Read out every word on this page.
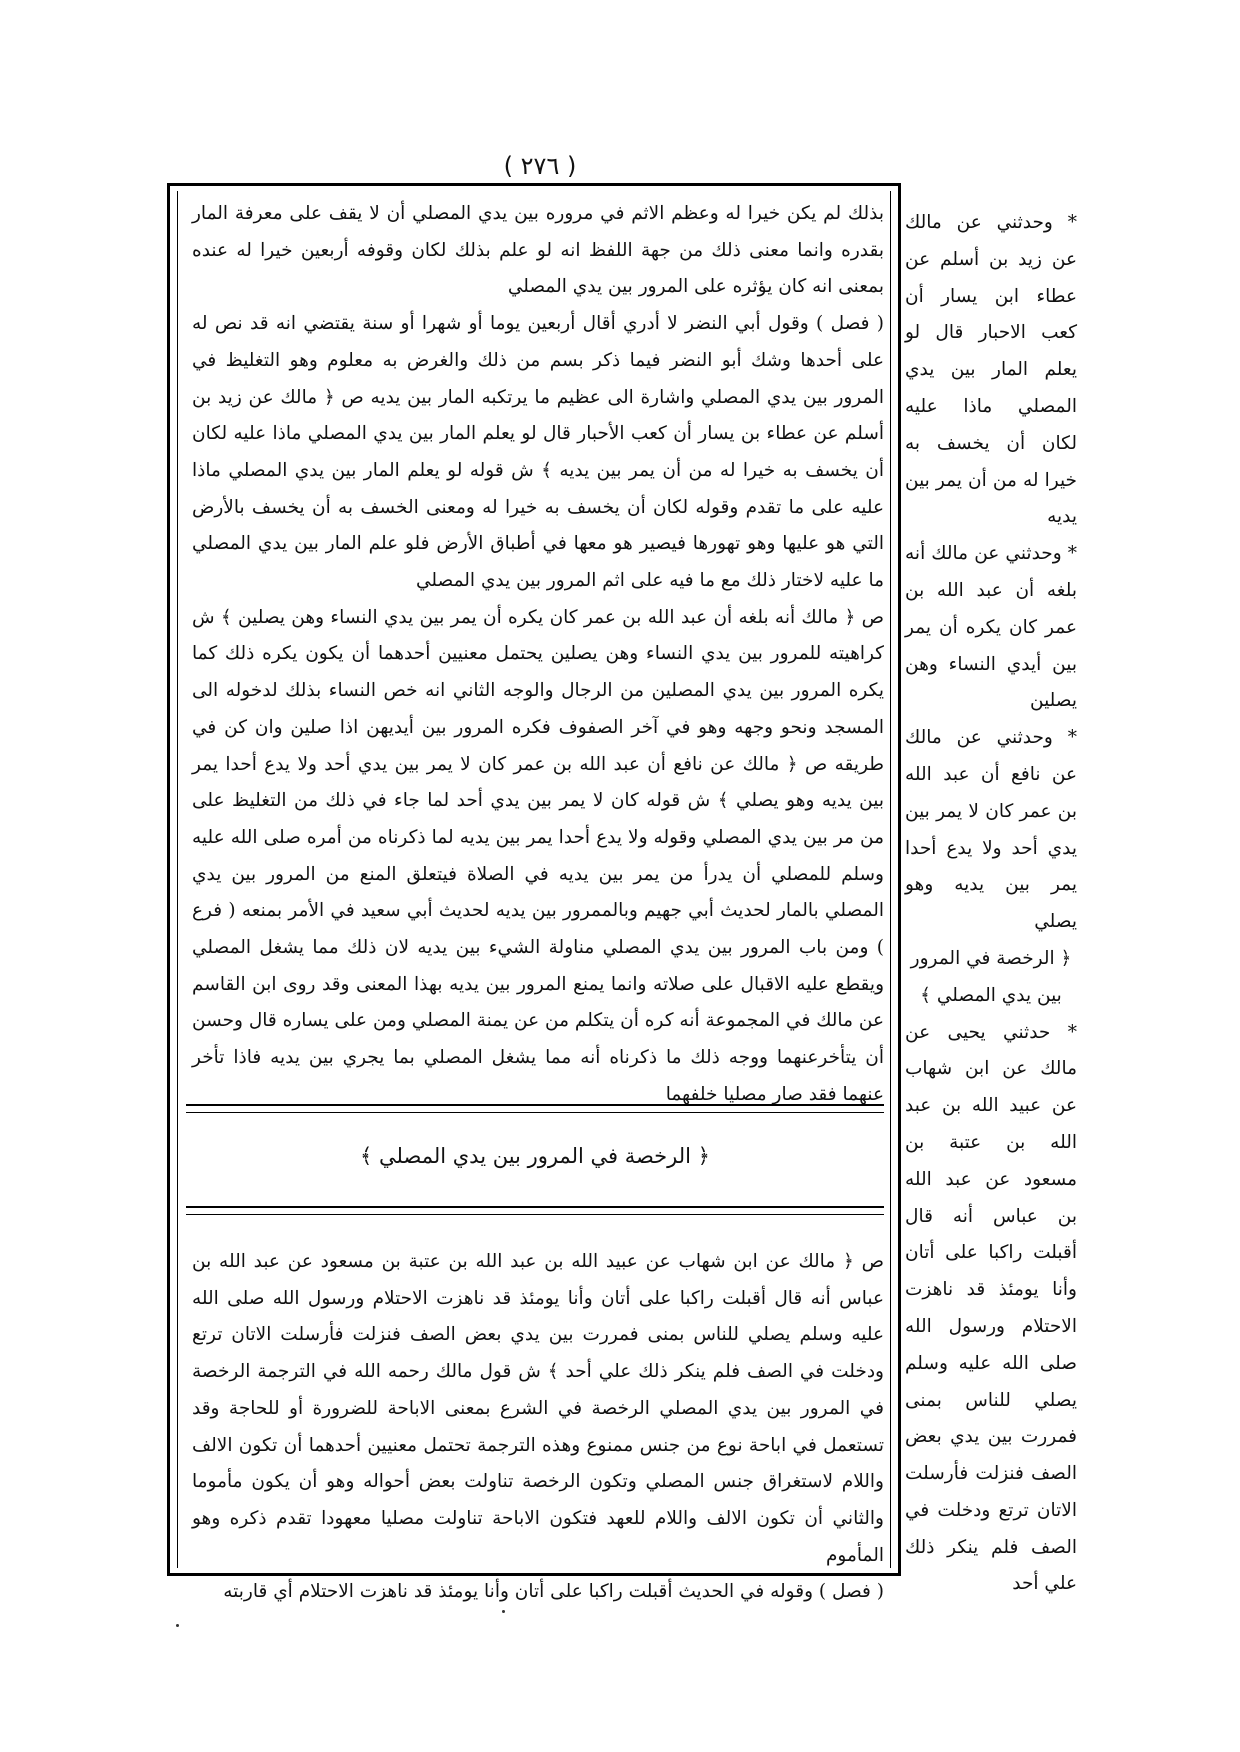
( ٢٧٦ )

بذلك لم يكن خيرا له وعظم الاثم في مروره بين يدي المصلي أن لا يقف على معرفة المار بقدره وانما معنى ذلك من جهة اللفظ انه لو علم بذلك لكان وقوفه أربعين خيرا له عنده بمعنى انه كان يؤثره على المرور بين يدي المصلي

( فصل ) وقول أبي النضر لا أدري أقال أربعين يوما أو شهرا أو سنة يقتضي انه قد نص له على أحدها وشك أبو النضر فيما ذكر بسم من ذلك والغرض به معلوم وهو التغليظ في المرور بين يدي المصلي واشارة الى عظيم ما يرتكبه المار بين يديه ص ﴿ مالك عن زيد بن أسلم عن عطاء بن يسار أن كعب الأحبار قال لو يعلم المار بين يدي المصلي ماذا عليه لكان أن يخسف به خيرا له من أن يمر بين يديه ﴾ ش قوله لو يعلم المار بين يدي المصلي ماذا عليه على ما تقدم وقوله لكان أن يخسف به خيرا له ومعنى الخسف به أن يخسف بالأرض التي هو عليها وهو تهورها فيصير هو معها في أطباق الأرض فلو علم المار بين يدي المصلي ما عليه لاختار ذلك مع ما فيه على اثم المرور بين يدي المصلي

ص ﴿ مالك أنه بلغه أن عبد الله بن عمر كان يكره أن يمر بين يدي النساء وهن يصلين ﴾ ش كراهيته للمرور بين يدي النساء وهن يصلين يحتمل معنيين أحدهما أن يكون يكره ذلك كما يكره المرور بين يدي المصلين من الرجال والوجه الثاني انه خص النساء بذلك لدخوله الى المسجد ونحو وجهه وهو في آخر الصفوف فكره المرور بين أيديهن اذا صلين وان كن في طريقه ص ﴿ مالك عن نافع أن عبد الله بن عمر كان لا يمر بين يدي أحد ولا يدع أحدا يمر بين يديه وهو يصلي ﴾ ش قوله كان لا يمر بين يدي أحد لما جاء في ذلك من التغليظ على من مر بين يدي المصلي وقوله ولا يدع أحدا يمر بين يديه لما ذكرناه من أمره صلى الله عليه وسلم للمصلي أن يدرأ من يمر بين يديه في الصلاة فيتعلق المنع من المرور بين يدي المصلي بالمار لحديث أبي جهيم وبالممرور بين يديه لحديث أبي سعيد في الأمر بمنعه ( فرع ) ومن باب المرور بين يدي المصلي مناولة الشيء بين يديه لان ذلك مما يشغل المصلي ويقطع عليه الاقبال على صلاته وانما يمنع المرور بين يديه بهذا المعنى وقد روى ابن القاسم عن مالك في المجموعة أنه كره أن يتكلم من عن يمنة المصلي ومن على يساره قال وحسن أن يتأخرعنهما ووجه ذلك ما ذكرناه أنه مما يشغل المصلي بما يجري بين يديه فاذا تأخر عنهما فقد صار مصليا خلفهما

﴿ الرخصة في المرور بين يدي المصلي ﴾

ص ﴿ مالك عن ابن شهاب عن عبيد الله بن عبد الله بن عتبة بن مسعود عن عبد الله بن عباس أنه قال أقبلت راكبا على أتان وأنا يومئذ قد ناهزت الاحتلام ورسول الله صلى الله عليه وسلم يصلي للناس بمنى فمررت بين يدي بعض الصف فنزلت فأرسلت الاتان ترتع ودخلت في الصف فلم ينكر ذلك علي أحد ﴾ ش قول مالك رحمه الله في الترجمة الرخصة في المرور بين يدي المصلي الرخصة في الشرع بمعنى الاباحة للضرورة أو للحاجة وقد تستعمل في اباحة نوع من جنس ممنوع وهذه الترجمة تحتمل معنيين أحدهما أن تكون الالف واللام لاستغراق جنس المصلي وتكون الرخصة تناولت بعض أحواله وهو أن يكون مأموما والثاني أن تكون الالف واللام للعهد فتكون الاباحة تناولت مصليا معهودا تقدم ذكره وهو المأموم

( فصل ) وقوله في الحديث أقبلت راكبا على أتان وأنا يومئذ قد ناهزت الاحتلام أي قاربته

* وحدثني عن مالك عن زيد بن أسلم عن عطاء ابن يسار أن كعب الاحبار قال لو يعلم المار بين يدي المصلي ماذا عليه لكان أن يخسف به خيرا له من أن يمر بين يديه

* وحدثني عن مالك أنه بلغه أن عبد الله بن عمر كان يكره أن يمر بين أيدي النساء وهن يصلين

* وحدثني عن مالك عن نافع أن عبد الله بن عمر كان لا يمر بين يدي أحد ولا يدع أحدا يمر بين يديه وهو يصلي

﴿ الرخصة في المرور بين يدي المصلي ﴾

* حدثني يحيى عن مالك عن ابن شهاب عن عبيد الله بن عبد الله بن عتبة بن مسعود عن عبد الله بن عباس أنه قال أقبلت راكبا على أتان وأنا يومئذ قد ناهزت الاحتلام ورسول الله صلى الله عليه وسلم يصلي للناس بمنى فمررت بين يدي بعض الصف فنزلت فأرسلت الاتان ترتع ودخلت في الصف فلم ينكر ذلك علي أحد
